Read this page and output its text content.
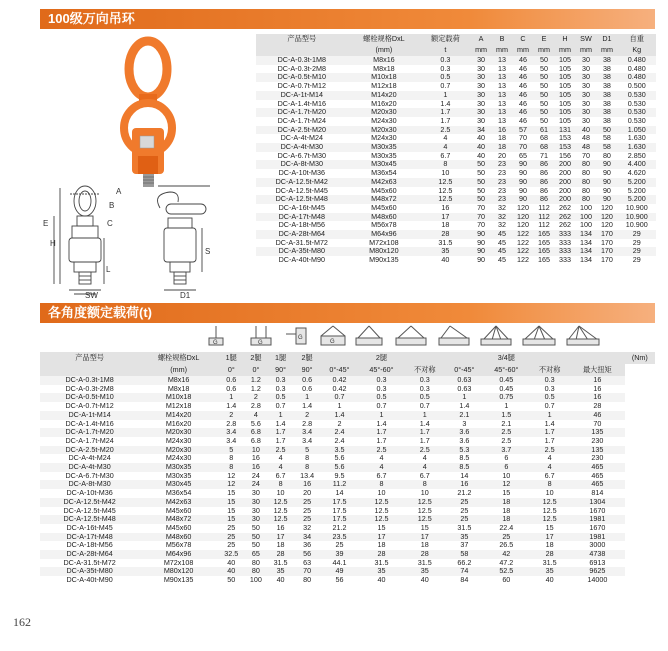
100级万向吊环
A
B
C
E
H
D1
SW
S
L
产品型号	螺栓规格DxL	额定载荷	A	B	C	E	H	SW	D1	自重
	(mm)	t	mm	mm	mm	mm	mm	mm	mm	Kg
DC-A-0.3t-1M8	M8x16	0.3	30	13	46	50	105	30	38	0.480
DC-A-0.3t-2M8	M8x18	0.3	30	13	46	50	105	30	38	0.480
DC-A-0.5t-M10	M10x18	0.5	30	13	46	50	105	30	38	0.480
DC-A-0.7t-M12	M12x18	0.7	30	13	46	50	105	30	38	0.500
DC-A-1t-M14	M14x20	1	30	13	46	50	105	30	38	0.530
DC-A-1.4t-M16	M16x20	1.4	30	13	46	50	105	30	38	0.530
DC-A-1.7t-M20	M20x30	1.7	30	13	46	50	105	30	38	0.530
DC-A-1.7t-M24	M24x30	1.7	30	13	46	50	105	30	38	0.530
DC-A-2.5t-M20	M20x30	2.5	34	16	57	61	131	40	50	1.050
DC-A-4t-M24	M24x30	4	40	18	70	68	153	48	58	1.630
DC-A-4t-M30	M30x35	4	40	18	70	68	153	48	58	1.630
DC-A-6.7t-M30	M30x35	6.7	40	20	65	71	156	70	80	2.850
DC-A-8t-M30	M30x45	8	50	23	90	86	200	80	90	4.400
DC-A-10t-M36	M36x54	10	50	23	90	86	200	80	90	4.620
DC-A-12.5t-M42	M42x63	12.5	50	23	90	86	200	80	90	5.200
DC-A-12.5t-M45	M45x60	12.5	50	23	90	86	200	80	90	5.200
DC-A-12.5t-M48	M48x72	12.5	50	23	90	86	200	80	90	5.200
DC-A-16t-M45	M45x60	16	70	32	120	112	262	100	120	10.900
DC-A-17t-M48	M48x60	17	70	32	120	112	262	100	120	10.900
DC-A-18t-M56	M56x78	18	70	32	120	112	262	100	120	10.900
DC-A-28t-M64	M64x96	28	90	45	122	165	333	134	170	29
DC-A-31.5t-M72	M72x108	31.5	90	45	122	165	333	134	170	29
DC-A-35t-M80	M80x120	35	90	45	122	165	333	134	170	29
DC-A-40t-M90	M90x135	40	90	45	122	165	333	134	170	29
各角度额定载荷(t)
G	G
G
G
产品型号	螺栓规格DxL	1腿	2腿	1腿	2腿		2腿			3/4腿			(Nm)
	(mm)	0°	0°	90°	90°	0°-45°	45°-60°	不对称	0°-45°	45°-60°	不对称	最大扭矩	
DC-A-0.3t-1M8	M8x16	0.6	1.2	0.3	0.6	0.42	0.3	0.3	0.63	0.45	0.3	16	
DC-A-0.3t-2M8	M8x18	0.6	1.2	0.3	0.6	0.42	0.3	0.3	0.63	0.45	0.3	16	
DC-A-0.5t-M10	M10x18	1	2	0.5	1	0.7	0.5	0.5	1	0.75	0.5	16	
DC-A-0.7t-M12	M12x18	1.4	2.8	0.7	1.4	1	0.7	0.7	1.4	1	0.7	28	
DC-A-1t-M14	M14x20	2	4	1	2	1.4	1	1	2.1	1.5	1	46	
DC-A-1.4t-M16	M16x20	2.8	5.6	1.4	2.8	2	1.4	1.4	3	2.1	1.4	70	
DC-A-1.7t-M20	M20x30	3.4	6.8	1.7	3.4	2.4	1.7	1.7	3.6	2.5	1.7	135	
DC-A-1.7t-M24	M24x30	3.4	6.8	1.7	3.4	2.4	1.7	1.7	3.6	2.5	1.7	230	
DC-A-2.5t-M20	M20x30	5	10	2.5	5	3.5	2.5	2.5	5.3	3.7	2.5	135	
DC-A-4t-M24	M24x30	8	16	4	8	5.6	4	4	8.5	6	4	230	
DC-A-4t-M30	M30x35	8	16	4	8	5.6	4	4	8.5	6	4	465	
DC-A-6.7t-M30	M30x35	12	24	6.7	13.4	9.5	6.7	6.7	14	10	6.7	465	
DC-A-8t-M30	M30x45	12	24	8	16	11.2	8	8	16	12	8	465	
DC-A-10t-M36	M36x54	15	30	10	20	14	10	10	21.2	15	10	814	
DC-A-12.5t-M42	M42x63	15	30	12.5	25	17.5	12.5	12.5	25	18	12.5	1304	
DC-A-12.5t-M45	M45x60	15	30	12.5	25	17.5	12.5	12.5	25	18	12.5	1670	
DC-A-12.5t-M48	M48x72	15	30	12.5	25	17.5	12.5	12.5	25	18	12.5	1981	
DC-A-16t-M45	M45x60	25	50	16	32	21.2	15	15	31.5	22.4	15	1670	
DC-A-17t-M48	M48x60	25	50	17	34	23.5	17	17	35	25	17	1981	
DC-A-18t-M56	M56x78	25	50	18	36	25	18	18	37	26.5	18	3000	
DC-A-28t-M64	M64x96	32.5	65	28	56	39	28	28	58	42	28	4738	
DC-A-31.5t-M72	M72x108	40	80	31.5	63	44.1	31.5	31.5	66.2	47.2	31.5	6913	
DC-A-35t-M80	M80x120	40	80	35	70	49	35	35	74	52.5	35	9625	
DC-A-40t-M90	M90x135	50	100	40	80	56	40	40	84	60	40	14000	
162
